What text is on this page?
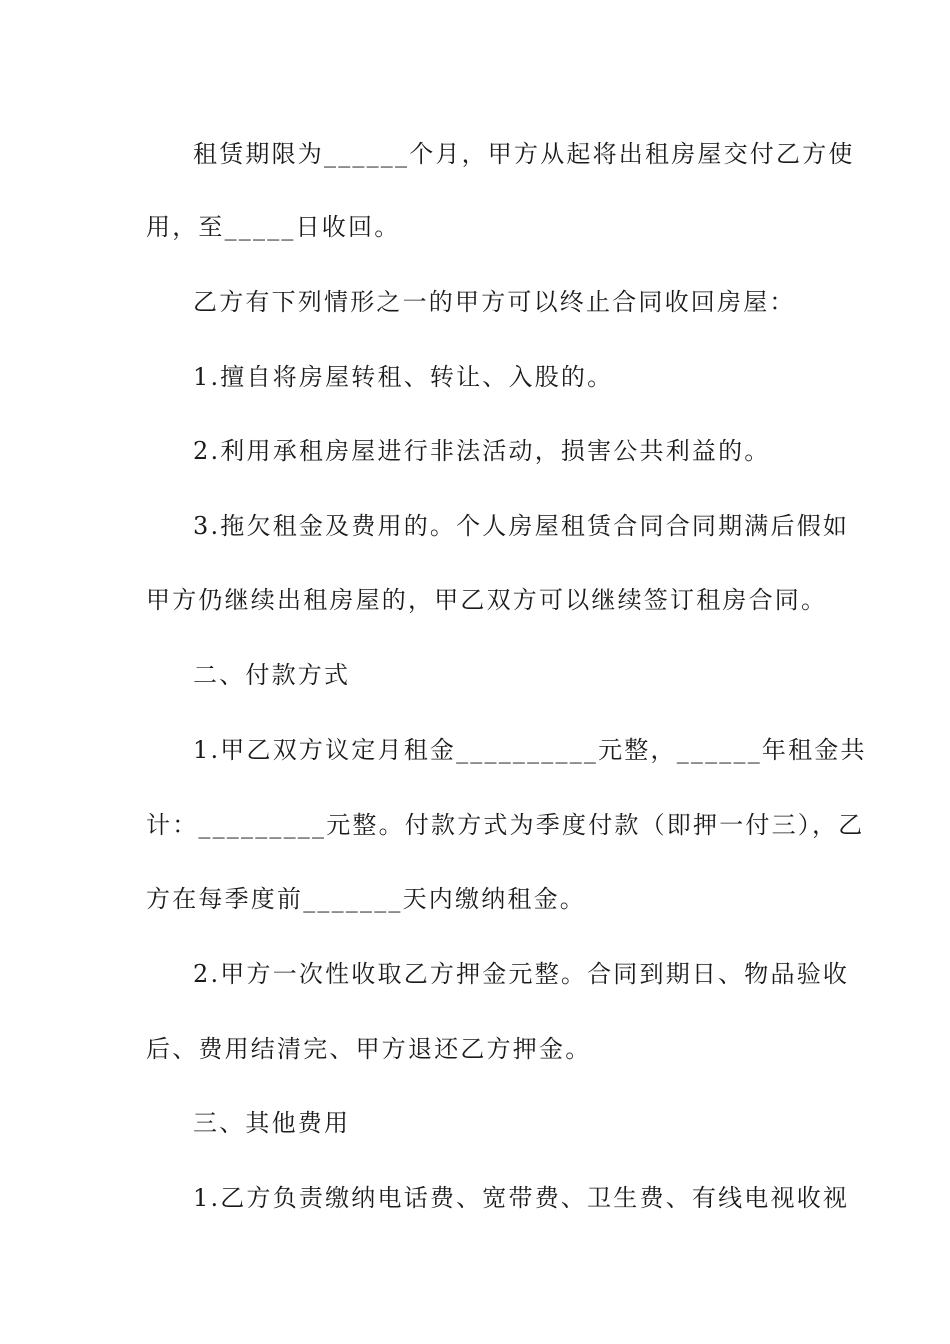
租赁期限为______个月，甲方从起将出租房屋交付乙方使
用，至_____日收回。
乙方有下列情形之一的甲方可以终止合同收回房屋：
1.擅自将房屋转租、转让、入股的。
2.利用承租房屋进行非法活动，损害公共利益的。
3.拖欠租金及费用的。个人房屋租赁合同合同期满后假如
甲方仍继续出租房屋的，甲乙双方可以继续签订租房合同。
二、付款方式
1.甲乙双方议定月租金__________元整，______年租金共
计：_________元整。付款方式为季度付款（即押一付三），乙
方在每季度前_______天内缴纳租金。
2.甲方一次性收取乙方押金元整。合同到期日、物品验收
后、费用结清完、甲方退还乙方押金。
三、其他费用
1.乙方负责缴纳电话费、宽带费、卫生费、有线电视收视
